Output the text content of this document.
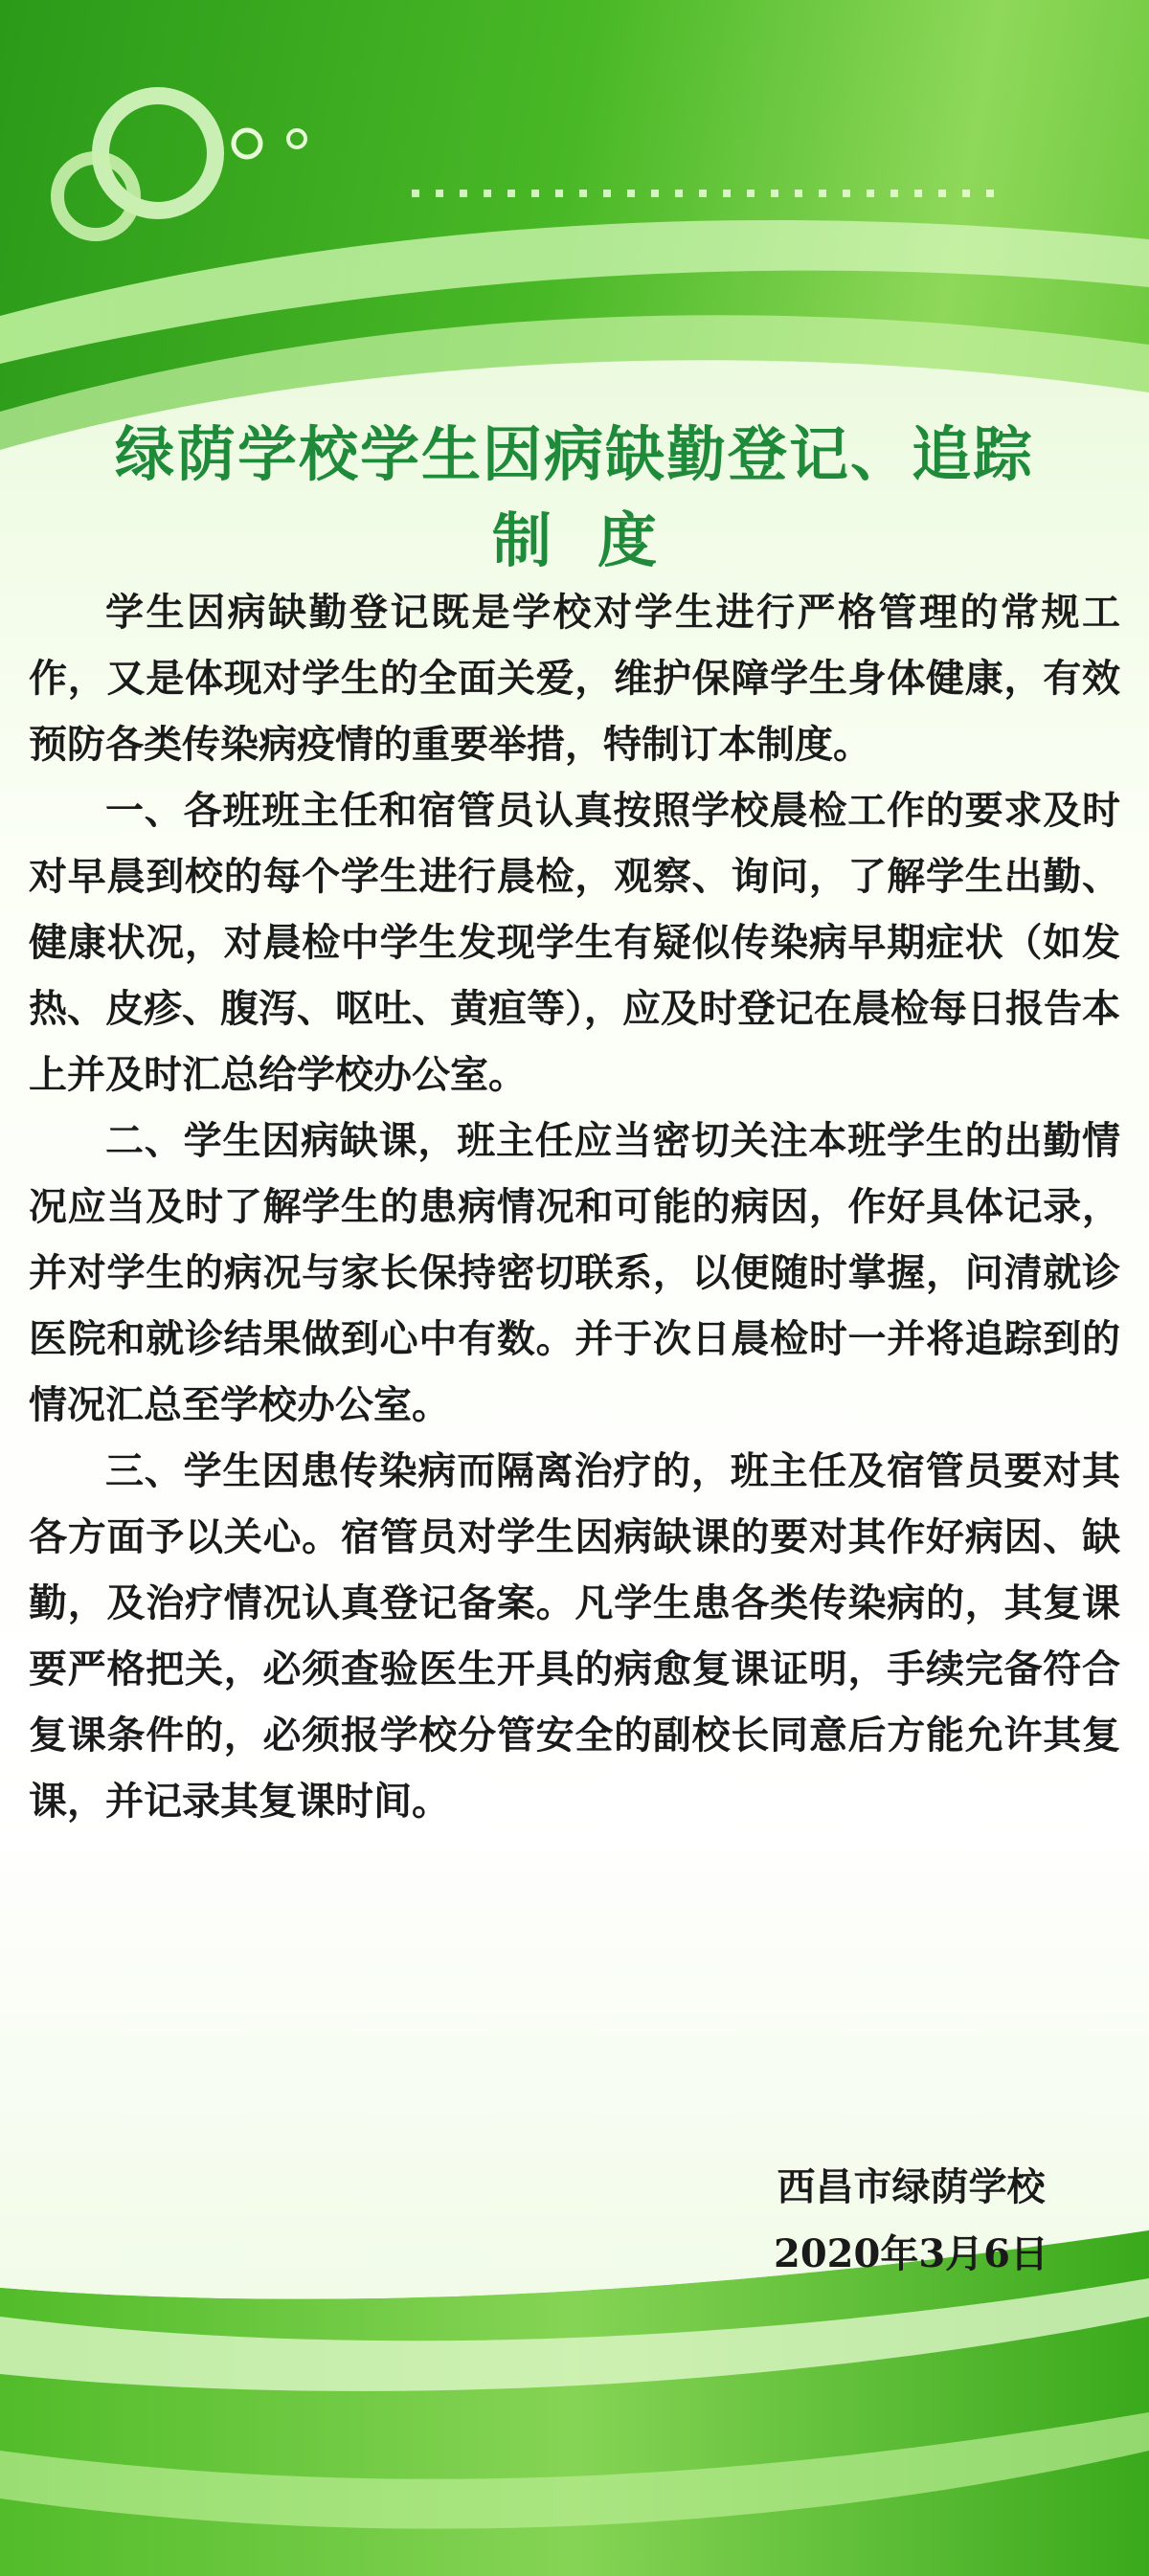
绿荫学校学生因病缺勤登记、追踪
制度

学生因病缺勤登记既是学校对学生进行严格管理的常规工作，又是体现对学生的全面关爱，维护保障学生身体健康，有效预防各类传染病疫情的重要举措，特制订本制度。

一、各班班主任和宿管员认真按照学校晨检工作的要求及时对早晨到校的每个学生进行晨检，观察、询问，了解学生出勤、健康状况，对晨检中学生发现学生有疑似传染病早期症状（如发热、皮疹、腹泻、呕吐、黄疸等），应及时登记在晨检每日报告本上并及时汇总给学校办公室。

二、学生因病缺课，班主任应当密切关注本班学生的出勤情况应当及时了解学生的患病情况和可能的病因，作好具体记录，并对学生的病况与家长保持密切联系，以便随时掌握，问清就诊医院和就诊结果做到心中有数。并于次日晨检时一并将追踪到的情况汇总至学校办公室。

三、学生因患传染病而隔离治疗的，班主任及宿管员要对其各方面予以关心。宿管员对学生因病缺课的要对其作好病因、缺勤，及治疗情况认真登记备案。凡学生患各类传染病的，其复课要严格把关，必须查验医生开具的病愈复课证明，手续完备符合复课条件的，必须报学校分管安全的副校长同意后方能允许其复课，并记录其复课时间。

西昌市绿荫学校
2020年3月6日
